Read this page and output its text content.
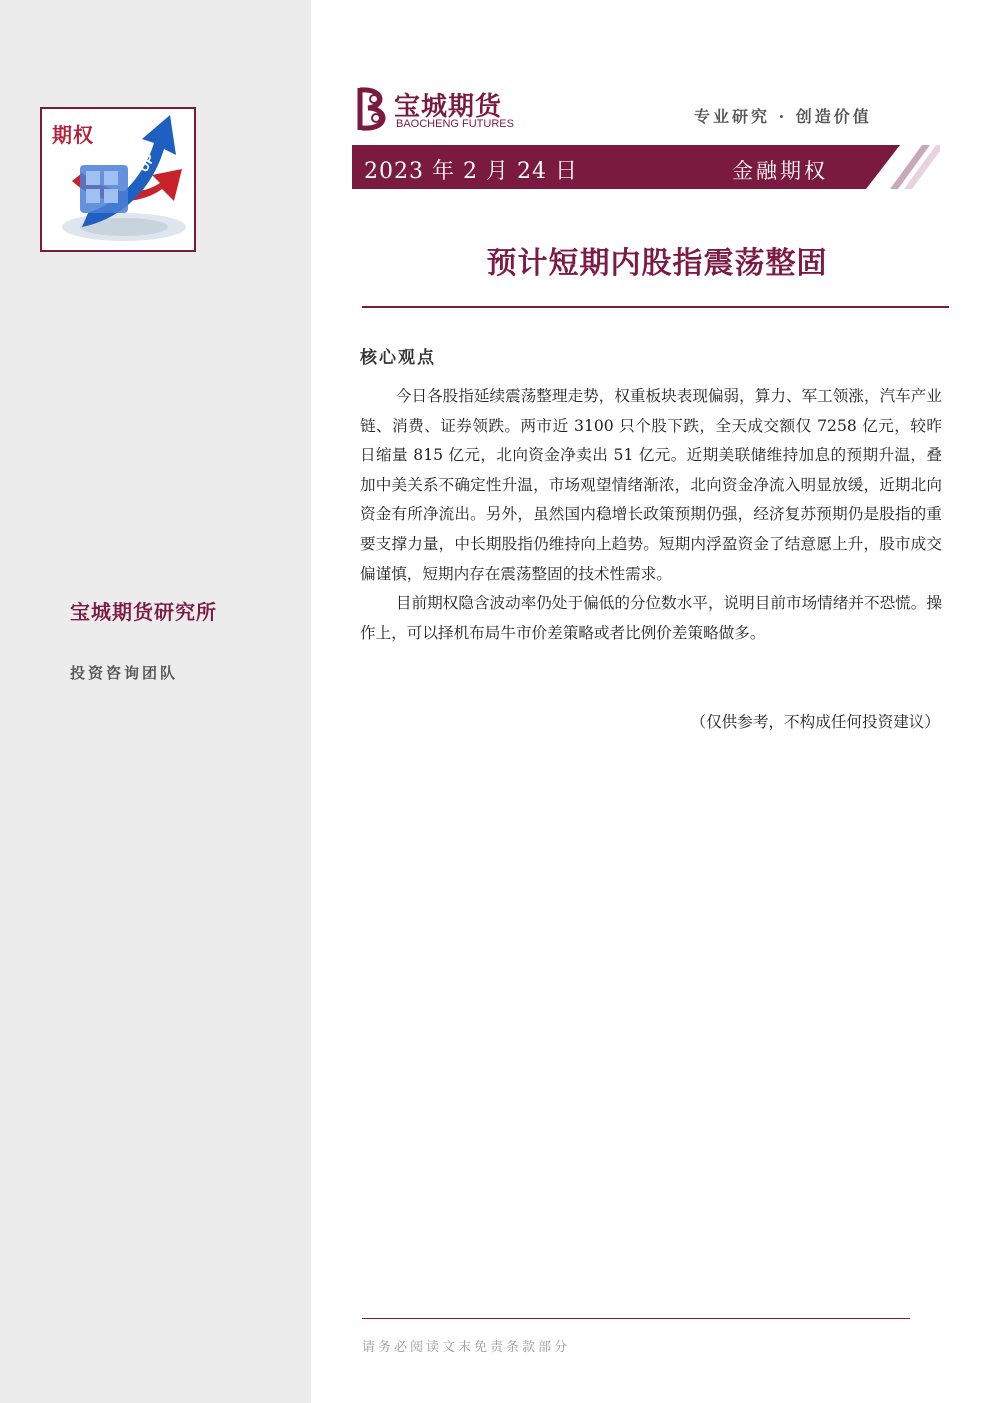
UP
DO
期权
宝城期货研究所
投资咨询团队
宝城期货
BAOCHENG FUTURES	专业研究 · 创造价值
2023 年 2 月 24 日	金融期权
预计短期内股指震荡整固
核心观点

今日各股指延续震荡整理走势，权重板块表现偏弱，算力、军工领涨，汽车产业链、消费、证券领跌。两市近 3100 只个股下跌，全天成交额仅 7258 亿元，较昨日缩量 815 亿元，北向资金净卖出 51 亿元。近期美联储维持加息的预期升温，叠加中美关系不确定性升温，市场观望情绪渐浓，北向资金净流入明显放缓，近期北向资金有所净流出。另外，虽然国内稳增长政策预期仍强，经济复苏预期仍是股指的重要支撑力量，中长期股指仍维持向上趋势。短期内浮盈资金了结意愿上升，股市成交偏谨慎，短期内存在震荡整固的技术性需求。

目前期权隐含波动率仍处于偏低的分位数水平，说明目前市场情绪并不恐慌。操作上，可以择机布局牛市价差策略或者比例价差策略做多。

（仅供参考，不构成任何投资建议）
请务必阅读文末免责条款部分
